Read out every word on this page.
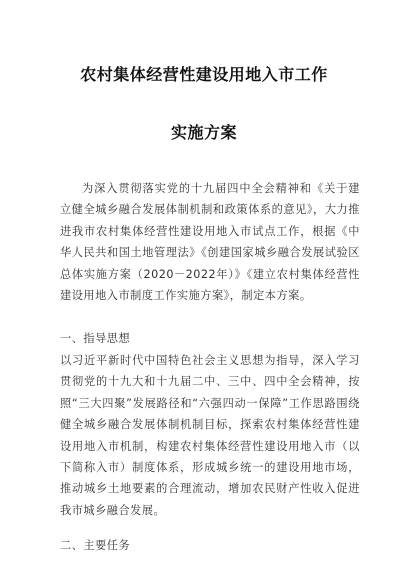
农村集体经营性建设用地入市工作
实施方案
为深入贯彻落实党的十九届四中全会精神和《关于建立健全城乡融合发展体制机制和政策体系的意见》，大力推进我市农村集体经营性建设用地入市试点工作，根据《中华人民共和国土地管理法》《创建国家城乡融合发展试验区总体实施方案（2020－2022年）》《建立农村集体经营性建设用地入市制度工作实施方案》，制定本方案。
一、指导思想
以习近平新时代中国特色社会主义思想为指导，深入学习贯彻党的十九大和十九届二中、三中、四中全会精神，按照“三大四聚”发展路径和“六强四动一保障”工作思路围绕健全城乡融合发展体制机制目标，探索农村集体经营性建设用地入市机制，构建农村集体经营性建设用地入市（以下简称入市）制度体系，形成城乡统一的建设用地市场，推动城乡土地要素的合理流动，增加农民财产性收入促进我市城乡融合发展。
二、主要任务
